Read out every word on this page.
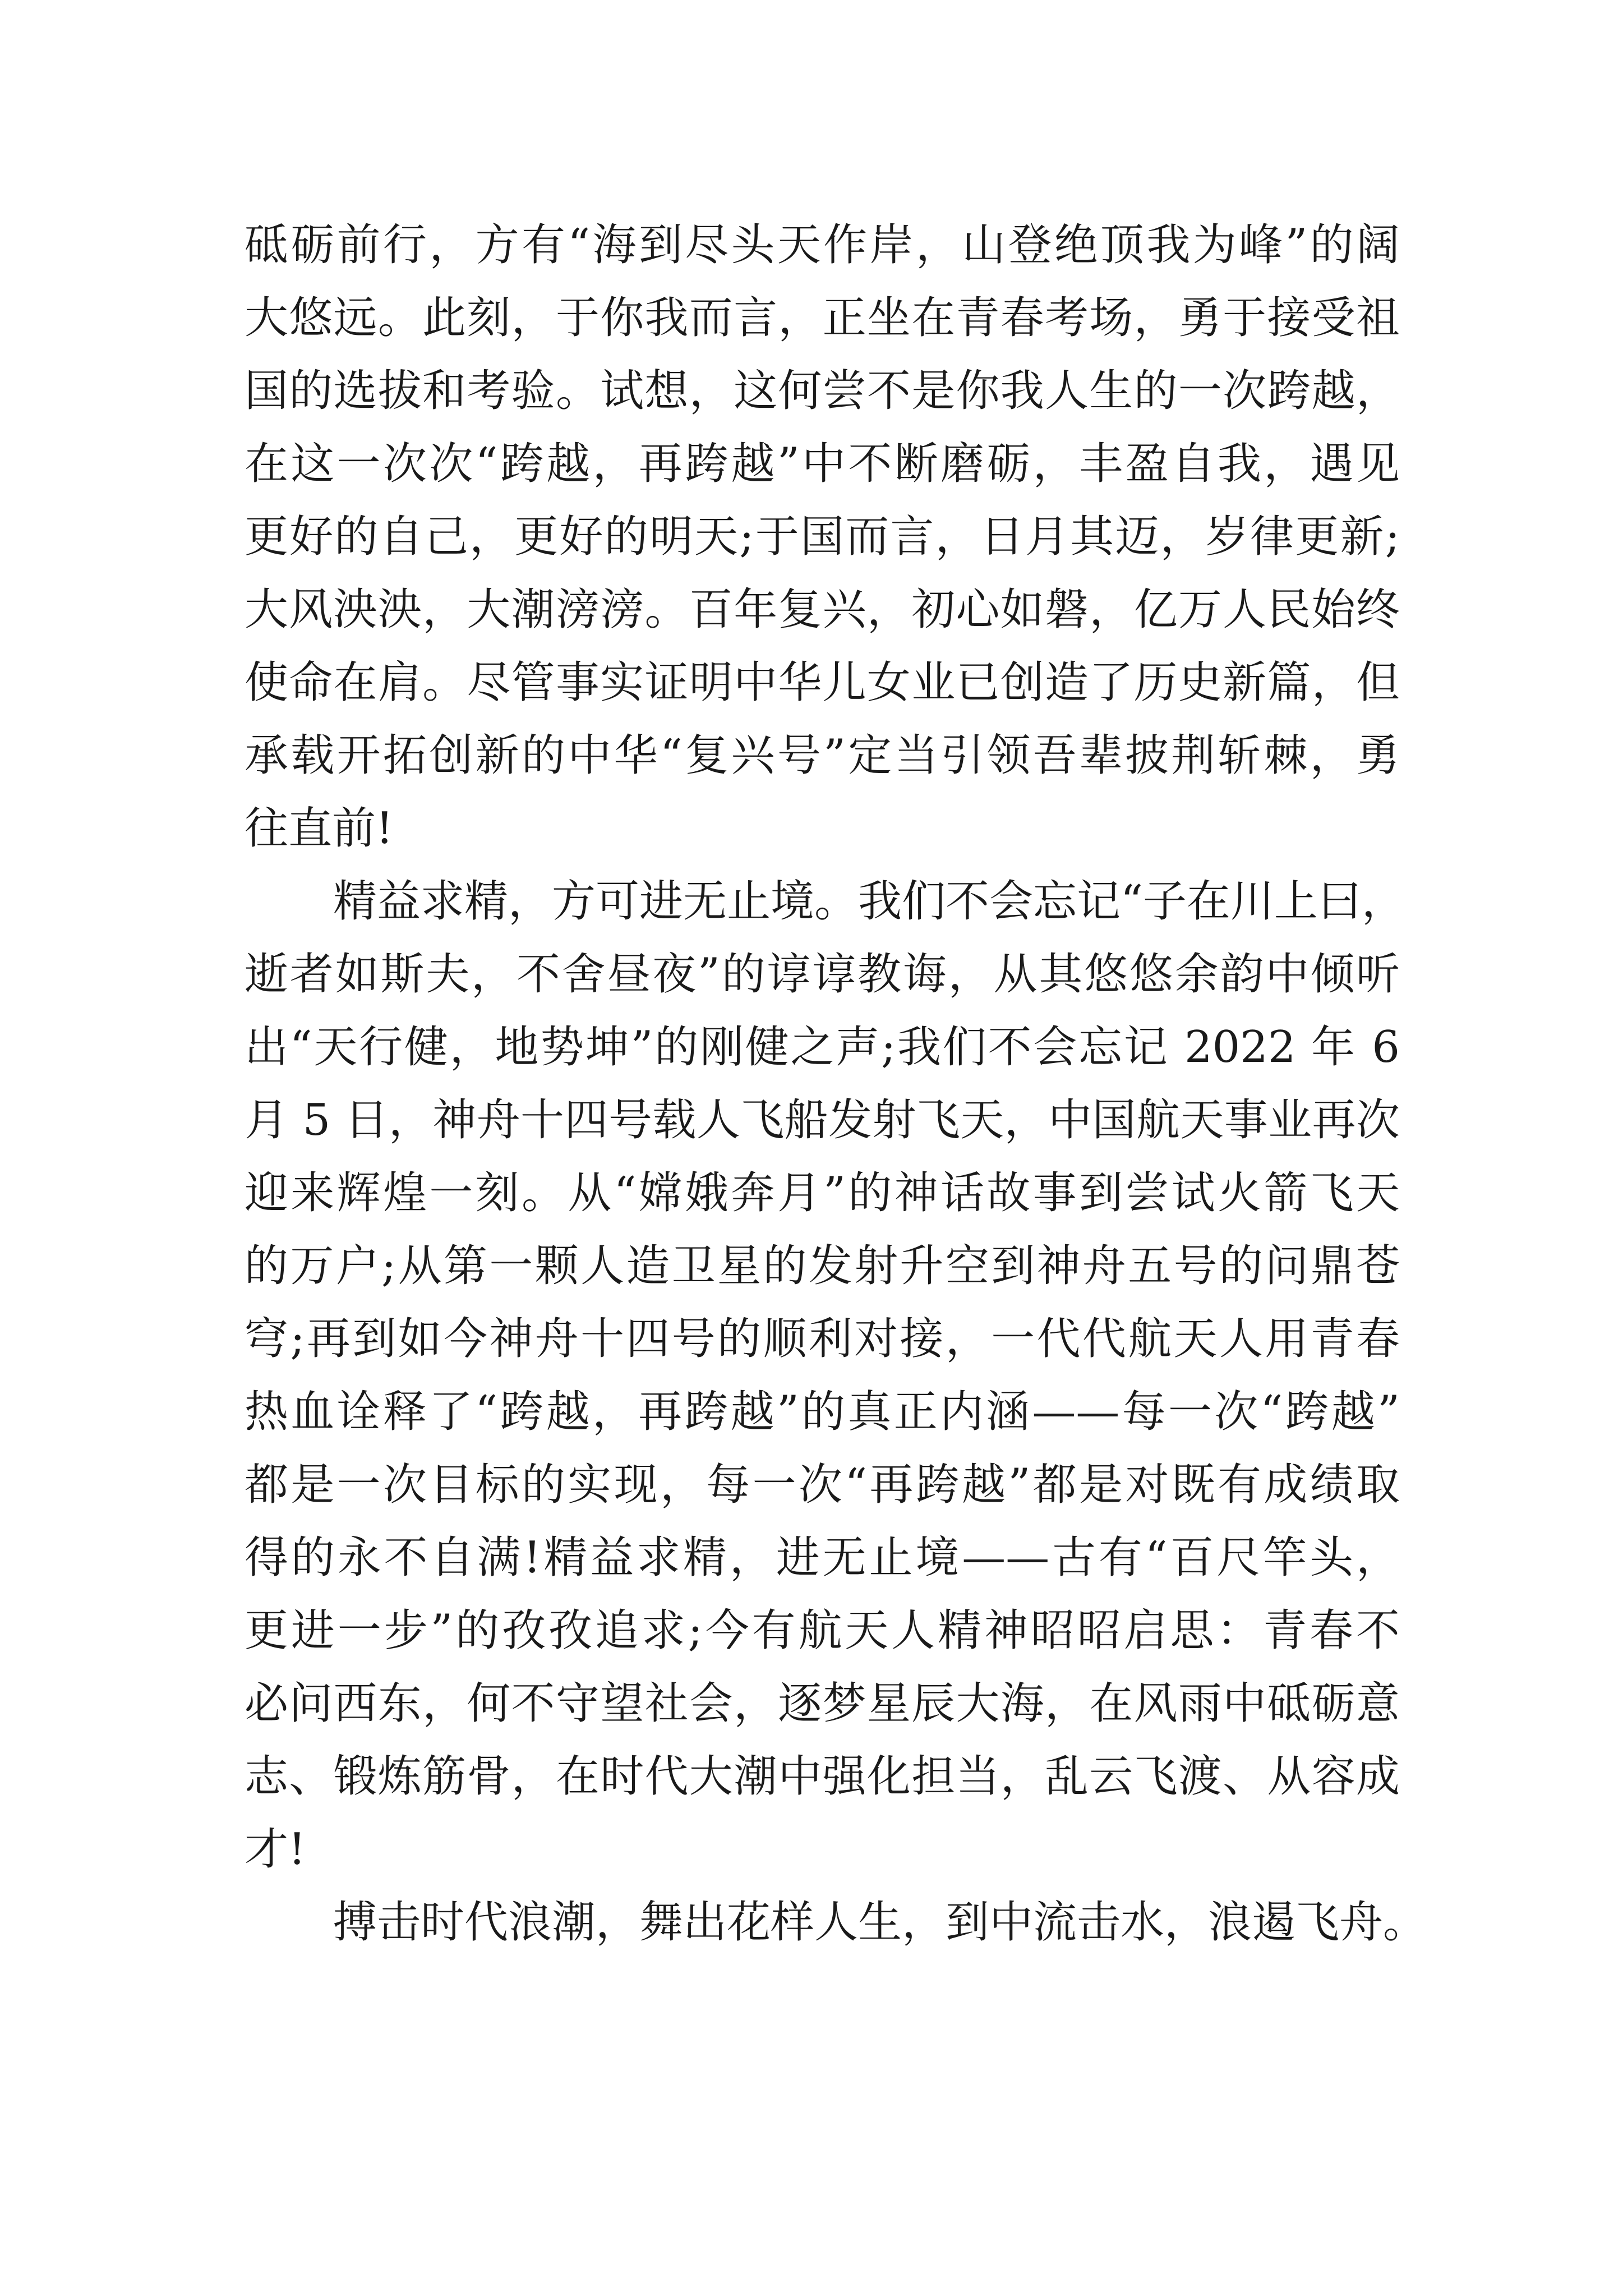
砥砺前行，方有“海到尽头天作岸，山登绝顶我为峰”的阔
大悠远。此刻，于你我而言，正坐在青春考场，勇于接受祖
国的选拔和考验。试想，这何尝不是你我人生的一次跨越，
在这一次次“跨越，再跨越”中不断磨砺，丰盈自我，遇见
更好的自己，更好的明天;于国而言，日月其迈，岁律更新;
大风泱泱，大潮滂滂。百年复兴，初心如磐，亿万人民始终
使命在肩。尽管事实证明中华儿女业已创造了历史新篇，但
承载开拓创新的中华“复兴号”定当引领吾辈披荆斩棘，勇
往直前!
精益求精，方可进无止境。我们不会忘记“子在川上曰，
逝者如斯夫，不舍昼夜”的谆谆教诲，从其悠悠余韵中倾听
出“天行健，地势坤”的刚健之声;我们不会忘记 2022 年 6
月 5 日，神舟十四号载人飞船发射飞天，中国航天事业再次
迎来辉煌一刻。从“嫦娥奔月”的神话故事到尝试火箭飞天
的万户;从第一颗人造卫星的发射升空到神舟五号的问鼎苍
穹;再到如今神舟十四号的顺利对接，一代代航天人用青春
热血诠释了“跨越，再跨越”的真正内涵——每一次“跨越”
都是一次目标的实现，每一次“再跨越”都是对既有成绩取
得的永不自满!精益求精，进无止境——古有“百尺竿头，
更进一步”的孜孜追求;今有航天人精神昭昭启思：青春不
必问西东，何不守望社会，逐梦星辰大海，在风雨中砥砺意
志、锻炼筋骨，在时代大潮中强化担当，乱云飞渡、从容成
才!
搏击时代浪潮，舞出花样人生，到中流击水，浪遏飞舟。
